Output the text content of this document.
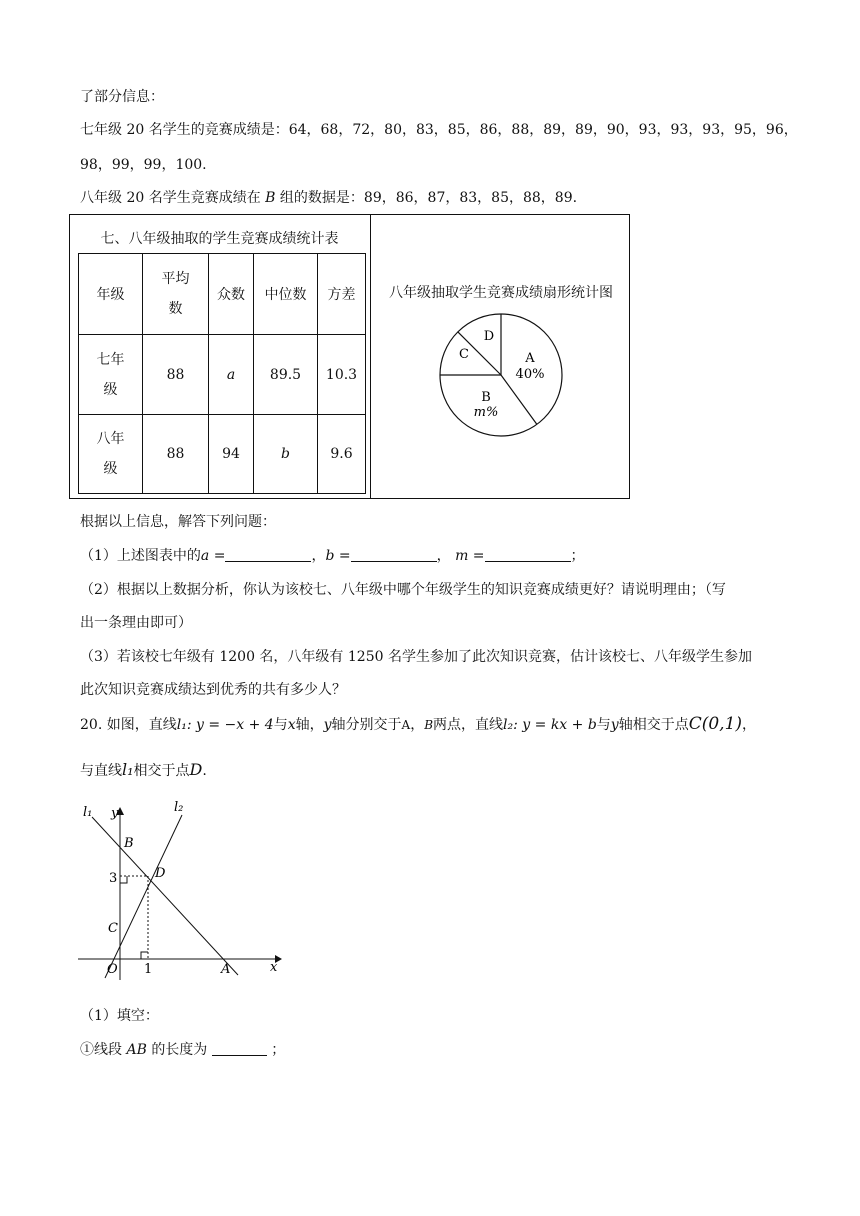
了部分信息：
七年级 20 名学生的竞赛成绩是：64，68，72，80，83，85，86，88，89，89，90，93，93，93，95，96，
98，99，99，100.
八年级 20 名学生竞赛成绩在 B 组的数据是：89，86，87，83，85，88，89.
七、八年级抽取的学生竞赛成绩统计表
年级	平均数	众数	中位数	方差
七年级	88	a	89.5	10.3
八年级	88	94	b	9.6
八年级抽取学生竞赛成绩扇形统计图
A
40%
B
m%
C
D
根据以上信息，解答下列问题：
（1）上述图表中的a =	，b =	， m =	；
（2）根据以上数据分析，你认为该校七、八年级中哪个年级学生的知识竞赛成绩更好？请说明理由；（写
出一条理由即可）
（3）若该校七年级有 1200 名，八年级有 1250 名学生参加了此次知识竞赛，估计该校七、八年级学生参加
此次知识竞赛成绩达到优秀的共有多少人？
20. 如图，直线l₁: y = −x + 4与x轴，y轴分别交于A，B两点，直线l₂: y = kx + b与y轴相交于点C(0,1)，
与直线l₁相交于点D.
l₁	l₂
y
x
B
D
C
O	A
3
1
（1）填空：
①线段 AB 的长度为	；
